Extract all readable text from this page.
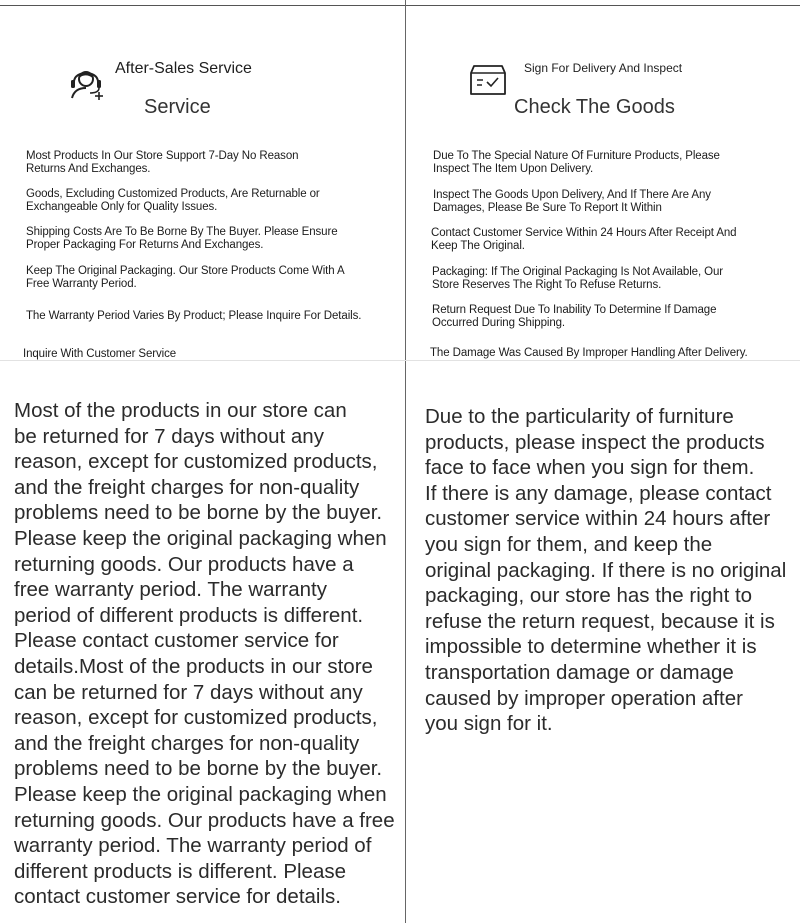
After-Sales Service
Service
Sign For Delivery And Inspect
Check The Goods
Most Products In Our Store Support 7-Day No Reason
Returns And Exchanges.
Goods, Excluding Customized Products, Are Returnable or
Exchangeable Only for Quality Issues.
Shipping Costs Are To Be Borne By The Buyer. Please Ensure
Proper Packaging For Returns And Exchanges.
Keep The Original Packaging. Our Store Products Come With A
Free Warranty Period.
The Warranty Period Varies By Product; Please Inquire For Details.
Inquire With Customer Service
Due To The Special Nature Of Furniture Products, Please
Inspect The Item Upon Delivery.
Inspect The Goods Upon Delivery, And If There Are Any
Damages, Please Be Sure To Report It Within
Contact Customer Service Within 24 Hours After Receipt And
Keep The Original.
Packaging: If The Original Packaging Is Not Available, Our
Store Reserves The Right To Refuse Returns.
Return Request Due To Inability To Determine If Damage
Occurred During Shipping.
The Damage Was Caused By Improper Handling After Delivery.
Most of the products in our store can
be returned for 7 days without any
reason, except for customized products,
and the freight charges for non-quality
problems need to be borne by the buyer.
Please keep the original packaging when
returning goods. Our products have a
free warranty period. The warranty
period of different products is different.
Please contact customer service for
details.Most of the products in our store
can be returned for 7 days without any
reason, except for customized products,
and the freight charges for non-quality
problems need to be borne by the buyer.
Please keep the original packaging when
returning goods. Our products have a free
warranty period. The warranty period of
different products is different. Please
contact customer service for details.
Due to the particularity of furniture
products, please inspect the products
face to face when you sign for them.
If there is any damage, please contact
customer service within 24 hours after
you sign for them, and keep the
original packaging. If there is no original
packaging, our store has the right to
refuse the return request, because it is
impossible to determine whether it is
transportation damage or damage
caused by improper operation after
you sign for it.
